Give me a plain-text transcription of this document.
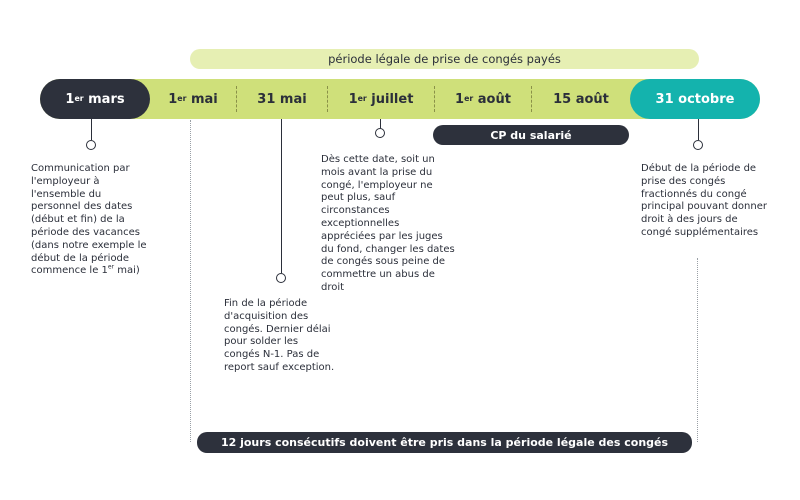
période légale de prise de congés payés
1 er
mars	1 er
mai	31
mai	1 er
juillet	1 er
août	15
août	31 octobre
CP du salarié
Communication par l'employeur à l'ensemble du personnel des dates (début et fin) de la période des vacances (dans notre exemple le début de la période commence le 1er mai)
Fin de la période d'acquisition des congés. Dernier délai pour solder les congés N-1. Pas de report sauf exception.
Dès cette date, soit un mois avant la prise du congé, l'employeur ne peut plus, sauf circonstances exceptionnelles appréciées par les juges du fond, changer les dates de congés sous peine de commettre un abus de droit
Début de la période de prise des congés fractionnés du congé principal pouvant donner droit à des jours de congé supplémentaires
12 jours consécutifs doivent être pris dans la période légale des congés
